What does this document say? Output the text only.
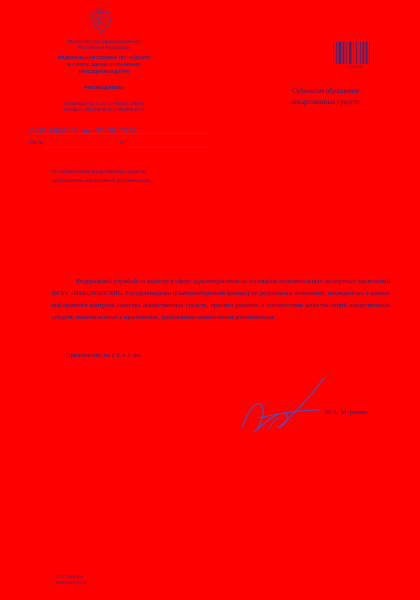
Министерство здравоохранения
Российской Федерации
ФЕДЕРАЛЬНАЯ СЛУЖБА ПО НАДЗОРУ
В СФЕРЕ ЗДРАВООХРАНЕНИЯ
(РОСЗДРАВНАДЗОР)
РУКОВОДИТЕЛЬ
Славянская пл. 4, стр. 1, Москва, 109074
Телефон: (495) 698 45 38; (495) 698 15 74
01И-1806/18 от 07.08.2018
На №	от
О соответствии лекарственных средств требованиям нормативной документации
2113658
Субъектам обращения
лекарственных средств
Федеральной службой по надзору в сфере здравоохранения на основании положительных экспертных заключений ФГБУ «ИМЦЭУАОСМП» Росздравнадзора (Екатеринбургский филиал) по результатам испытаний, проведенных в рамках выборочного контроля качества лекарственных средств, принято решение о соответствии качества серий лекарственных средств, перечисленных в приложении, требованиям нормативной документации.
Приложение: на 2 л. в 1 экз.
М.А. Мурашко
С.А. Тарасова
8(495)578-01-27
